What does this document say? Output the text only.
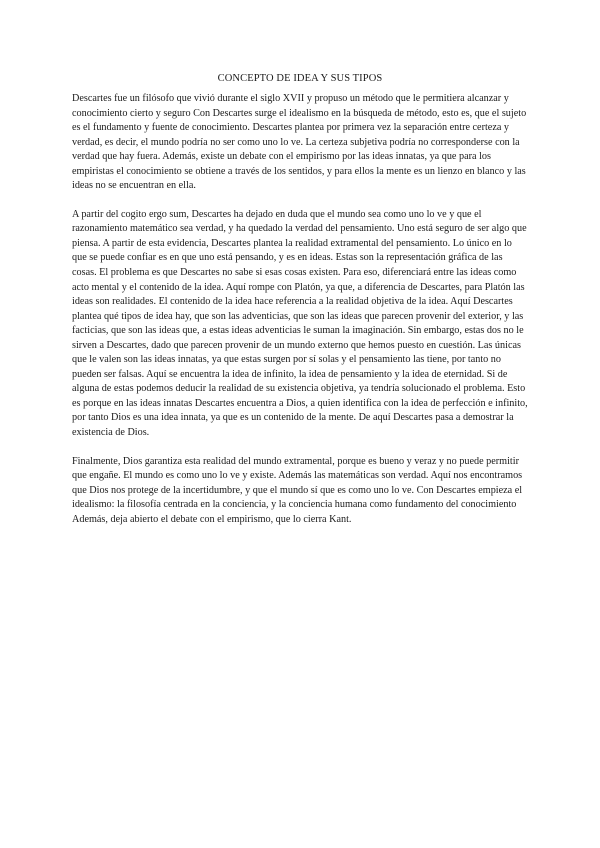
CONCEPTO DE IDEA Y SUS TIPOS

Descartes fue un filósofo que vivió durante el siglo XVII y propuso un método que le permitiera alcanzar y conocimiento cierto y seguro Con Descartes surge el idealismo en la búsqueda de método, esto es, que el sujeto es el fundamento y fuente de conocimiento. Descartes plantea por primera vez la separación entre certeza y verdad, es decir, el mundo podría no ser como uno lo ve. La certeza subjetiva podría no corresponderse con la verdad que hay fuera. Además, existe un debate con el empirismo por las ideas innatas, ya que para los empiristas el conocimiento se obtiene a través de los sentidos, y para ellos la mente es un lienzo en blanco y las ideas no se encuentran en ella.

A partir del cogito ergo sum, Descartes ha dejado en duda que el mundo sea como uno lo ve y que el razonamiento matemático sea verdad, y ha quedado la verdad del pensamiento. Uno está seguro de ser algo que piensa. A partir de esta evidencia, Descartes plantea la realidad extramental del pensamiento. Lo único en lo que se puede confiar es en que uno está pensando, y es en ideas. Estas son la representación gráfica de las cosas. El problema es que Descartes no sabe si esas cosas existen. Para eso, diferenciará entre las ideas como acto mental y el contenido de la idea. Aquí rompe con Platón, ya que, a diferencia de Descartes, para Platón las ideas son realidades. El contenido de la idea hace referencia a la realidad objetiva de la idea. Aquí Descartes plantea qué tipos de idea hay, que son las adventicias, que son las ideas que parecen provenir del exterior, y las facticias, que son las ideas que, a estas ideas adventicias le suman la imaginación. Sin embargo, estas dos no le sirven a Descartes, dado que parecen provenir de un mundo externo que hemos puesto en cuestión. Las únicas que le valen son las ideas innatas, ya que estas surgen por sí solas y el pensamiento las tiene, por tanto no pueden ser falsas. Aquí se encuentra la idea de infinito, la idea de pensamiento y la idea de eternidad. Si de alguna de estas podemos deducir la realidad de su existencia objetiva, ya tendría solucionado el problema. Esto es porque en las ideas innatas Descartes encuentra a Dios, a quien identifica con la idea de perfección e infinito, por tanto Dios es una idea innata, ya que es un contenido de la mente. De aquí Descartes pasa a demostrar la existencia de Dios.

Finalmente, Dios garantiza esta realidad del mundo extramental, porque es bueno y veraz y no puede permitir que engañe. El mundo es como uno lo ve y existe. Además las matemáticas son verdad. Aquí nos encontramos que Dios nos protege de la incertidumbre, y que el mundo sí que es como uno lo ve. Con Descartes empieza el idealismo: la filosofía centrada en la conciencia, y la conciencia humana como fundamento del conocimiento Además, deja abierto el debate con el empirismo, que lo cierra Kant.
